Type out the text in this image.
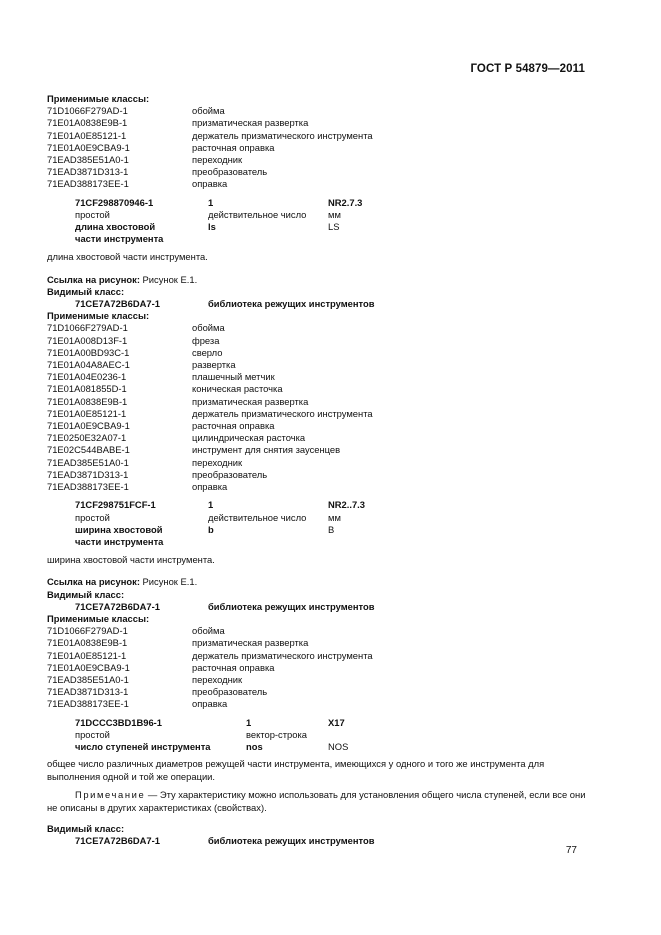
ГОСТ Р 54879—2011
Применимые классы:
71D1066F279AD-1	обойма
71E01A0838E9B-1	призматическая развертка
71E01A0E85121-1	держатель призматического инструмента
71E01A0E9CBA9-1	расточная оправка
71EAD385E51A0-1	переходник
71EAD3871D313-1	преобразователь
71EAD388173EE-1	оправка
71CF298870946-1	1	NR2.7.3
простой	действительное число	мм
длина хвостовой	ls	LS
части инструмента
длина хвостовой части инструмента.
Ссылка на рисунок: Рисунок Е.1.
Видимый класс:
71CE7A72B6DA7-1	библиотека режущих инструментов
Применимые классы:
71D1066F279AD-1	обойма
71E01A008D13F-1	фреза
71E01A00BD93C-1	сверло
71E01A04A8AEC-1	развертка
71E01A04E0236-1	плашечный метчик
71E01A081855D-1	коническая расточка
71E01A0838E9B-1	призматическая развертка
71E01A0E85121-1	держатель призматического инструмента
71E01A0E9CBA9-1	расточная оправка
71E0250E32A07-1	цилиндрическая расточка
71E02C544BABE-1	инструмент для снятия заусенцев
71EAD385E51A0-1	переходник
71EAD3871D313-1	преобразователь
71EAD388173EE-1	оправка
71CF298751FCF-1	1	NR2..7.3
простой	действительное число	мм
ширина хвостовой	b	B
части инструмента
ширина хвостовой части инструмента.
Ссылка на рисунок: Рисунок Е.1.
Видимый класс:
71CE7A72B6DA7-1	библиотека режущих инструментов
Применимые классы:
71D1066F279AD-1	обойма
71E01A0838E9B-1	призматическая развертка
71E01A0E85121-1	держатель призматического инструмента
71E01A0E9CBA9-1	расточная оправка
71EAD385E51A0-1	переходник
71EAD3871D313-1	преобразователь
71EAD388173EE-1	оправка
71DCCC3BD1B96-1	1	X17
простой	вектор-строка
число ступеней инструмента	nos	NOS
общее число различных диаметров режущей части инструмента, имеющихся у одного и того же инструмента для выполнения одной и той же операции.
Примечание — Эту характеристику можно использовать для установления общего числа ступеней, если все они не описаны в других характеристиках (свойствах).
Видимый класс:
71CE7A72B6DA7-1	библиотека режущих инструментов
77
